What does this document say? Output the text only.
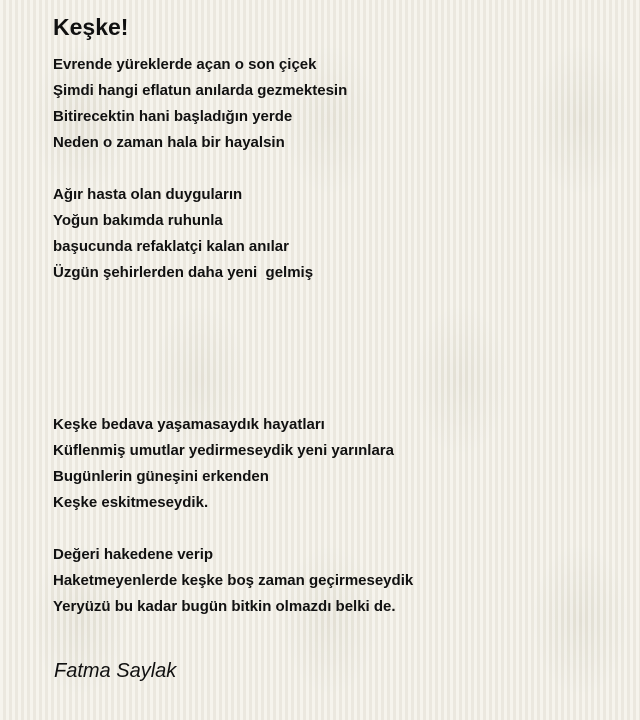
Keşke!
Evrende yüreklerde açan o son çiçek
Şimdi hangi eflatun anılarda gezmektesin
Bitirecektin hani başladığın yerde
Neden o zaman hala bir hayalsin
Ağır hasta olan duyguların
Yoğun bakımda ruhunla
başucunda refaklatçi kalan anılar
Üzgün şehirlerden daha yeni  gelmiş
Keşke bedava yaşamasaydık hayatları
Küflenmiş umutlar yedirmeseydik yeni yarınlara
Bugünlerin güneşini erkenden
Keşke eskitmeseydik.
Değeri hakedene verip
Haketmeyenlerde keşke boş zaman geçirmeseydik
Yeryüzü bu kadar bugün bitkin olmazdı belki de.

Fatma Saylak
